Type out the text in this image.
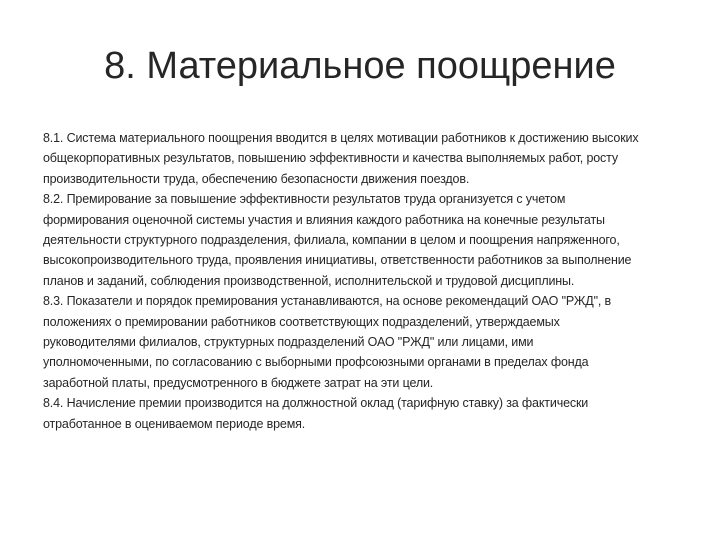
8. Материальное поощрение

8.1. Система материального поощрения вводится в целях мотивации работников к достижению высоких
общекорпоративных результатов, повышению эффективности и качества выполняемых работ, росту
производительности труда, обеспечению безопасности движения поездов.

8.2. Премирование за повышение эффективности результатов труда организуется с учетом
формирования оценочной системы участия и влияния каждого работника на конечные результаты
деятельности структурного подразделения, филиала, компании в целом и поощрения напряженного,
высокопроизводительного труда, проявления инициативы, ответственности работников за выполнение
планов и заданий, соблюдения производственной, исполнительской и трудовой дисциплины.

8.3. Показатели и порядок премирования устанавливаются, на основе рекомендаций ОАО "РЖД", в
положениях о премировании работников соответствующих подразделений, утверждаемых
руководителями филиалов, структурных подразделений ОАО "РЖД" или лицами, ими
уполномоченными, по согласованию с выборными профсоюзными органами в пределах фонда
заработной платы, предусмотренного в бюджете затрат на эти цели.

8.4. Начисление премии производится на должностной оклад (тарифную ставку) за фактически
отработанное в оцениваемом периоде время.
